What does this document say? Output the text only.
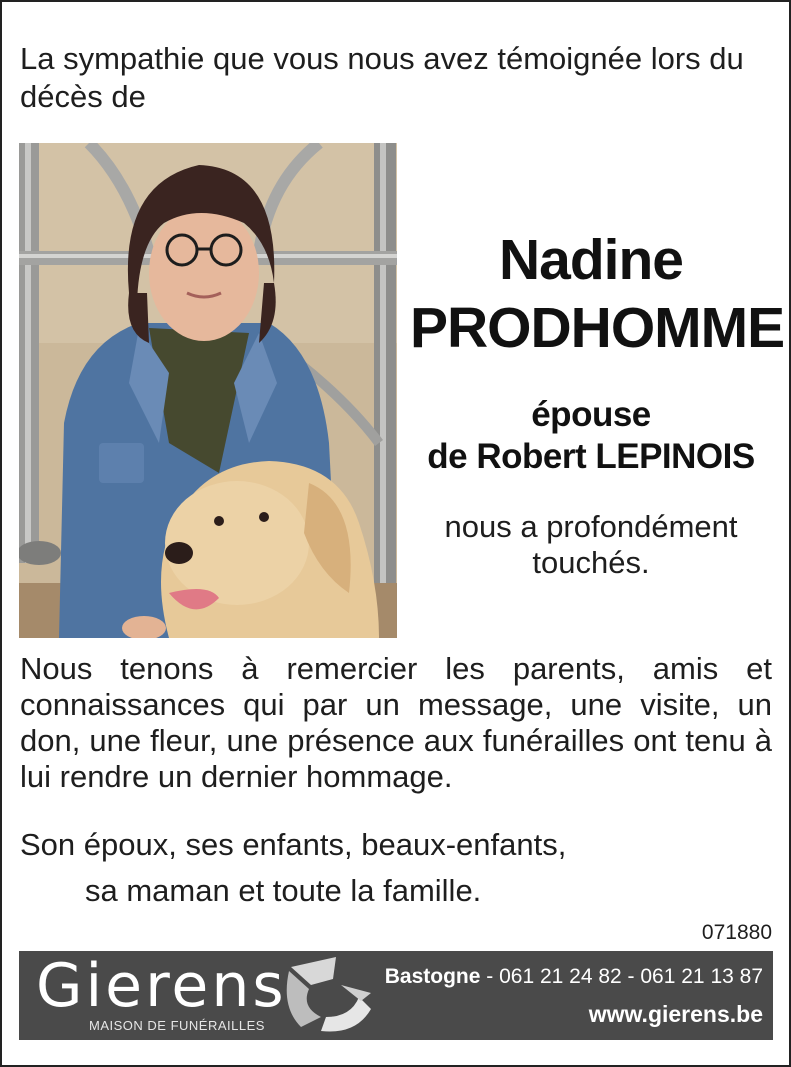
La sympathie que vous nous avez témoignée lors du décès de
Nadine
PRODHOMME
épouse
de Robert LEPINOIS
nous a profondément touchés.
Nous tenons à remercier les parents, amis et connaissances qui par un message, une visite, un don, une fleur, une présence aux funérailles ont tenu à lui rendre un dernier hommage.
Son époux, ses enfants, beaux-enfants,
sa maman et toute la famille.
071880
Gierens
MAISON DE FUNÉRAILLES
Bastogne - 061 21 24 82 - 061 21 13 87
www.gierens.be
